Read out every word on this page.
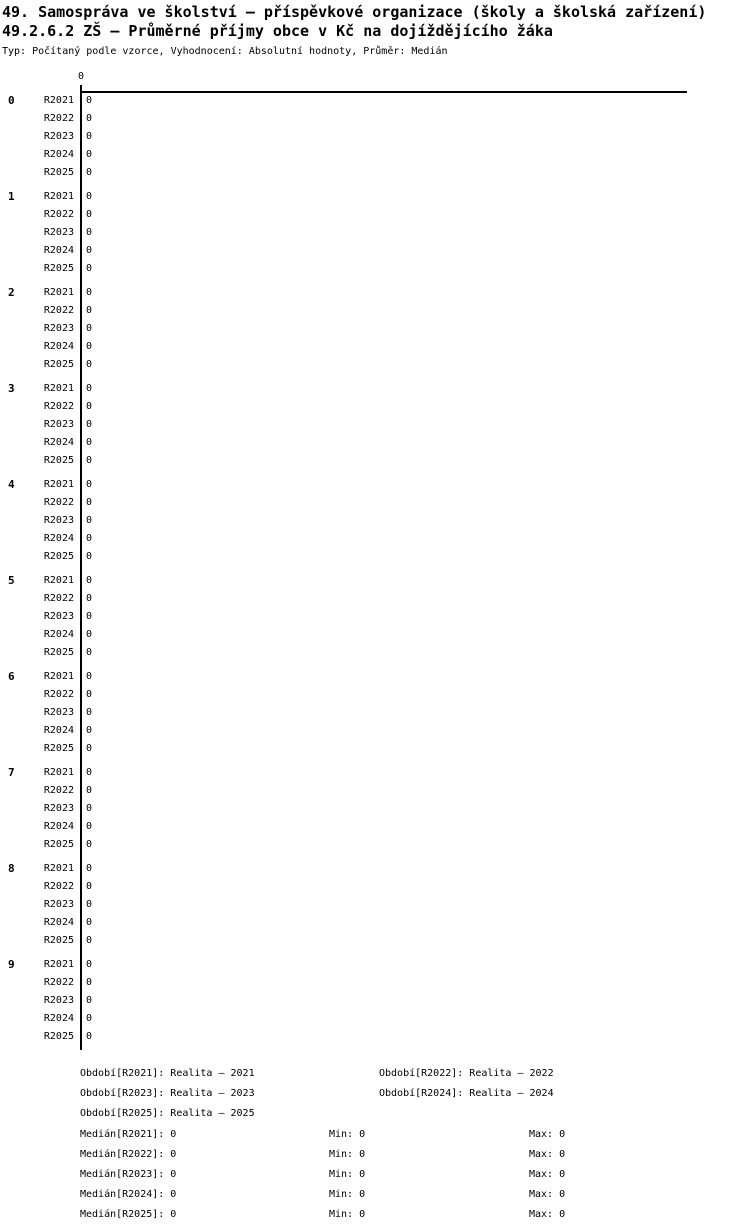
49. Samospráva ve školství – příspěvkové organizace (školy a školská zařízení)
49.2.6.2 ZŠ – Průměrné příjmy obce v Kč na dojíždějícího žáka
Typ: Počítaný podle vzorce, Vyhodnocení: Absolutní hodnoty, Průměr: Medián
0
0	R2021 0
R2022 0
R2023 0
R2024 0
R2025 0
1	R2021 0
R2022 0
R2023 0
R2024 0
R2025 0
2	R2021 0
R2022 0
R2023 0
R2024 0
R2025 0
3	R2021 0
R2022 0
R2023 0
R2024 0
R2025 0
4	R2021 0
R2022 0
R2023 0
R2024 0
R2025 0
5	R2021 0
R2022 0
R2023 0
R2024 0
R2025 0
6	R2021 0
R2022 0
R2023 0
R2024 0
R2025 0
7	R2021 0
R2022 0
R2023 0
R2024 0
R2025 0
8	R2021 0
R2022 0
R2023 0
R2024 0
R2025 0
9	R2021 0
R2022 0
R2023 0
R2024 0
R2025 0
Období[R2021]: Realita – 2021	Období[R2022]: Realita – 2022
Období[R2023]: Realita – 2023	Období[R2024]: Realita – 2024
Období[R2025]: Realita – 2025
Medián[R2021]: 0	Min: 0	Max: 0
Medián[R2022]: 0	Min: 0	Max: 0
Medián[R2023]: 0	Min: 0	Max: 0
Medián[R2024]: 0	Min: 0	Max: 0
Medián[R2025]: 0	Min: 0	Max: 0
